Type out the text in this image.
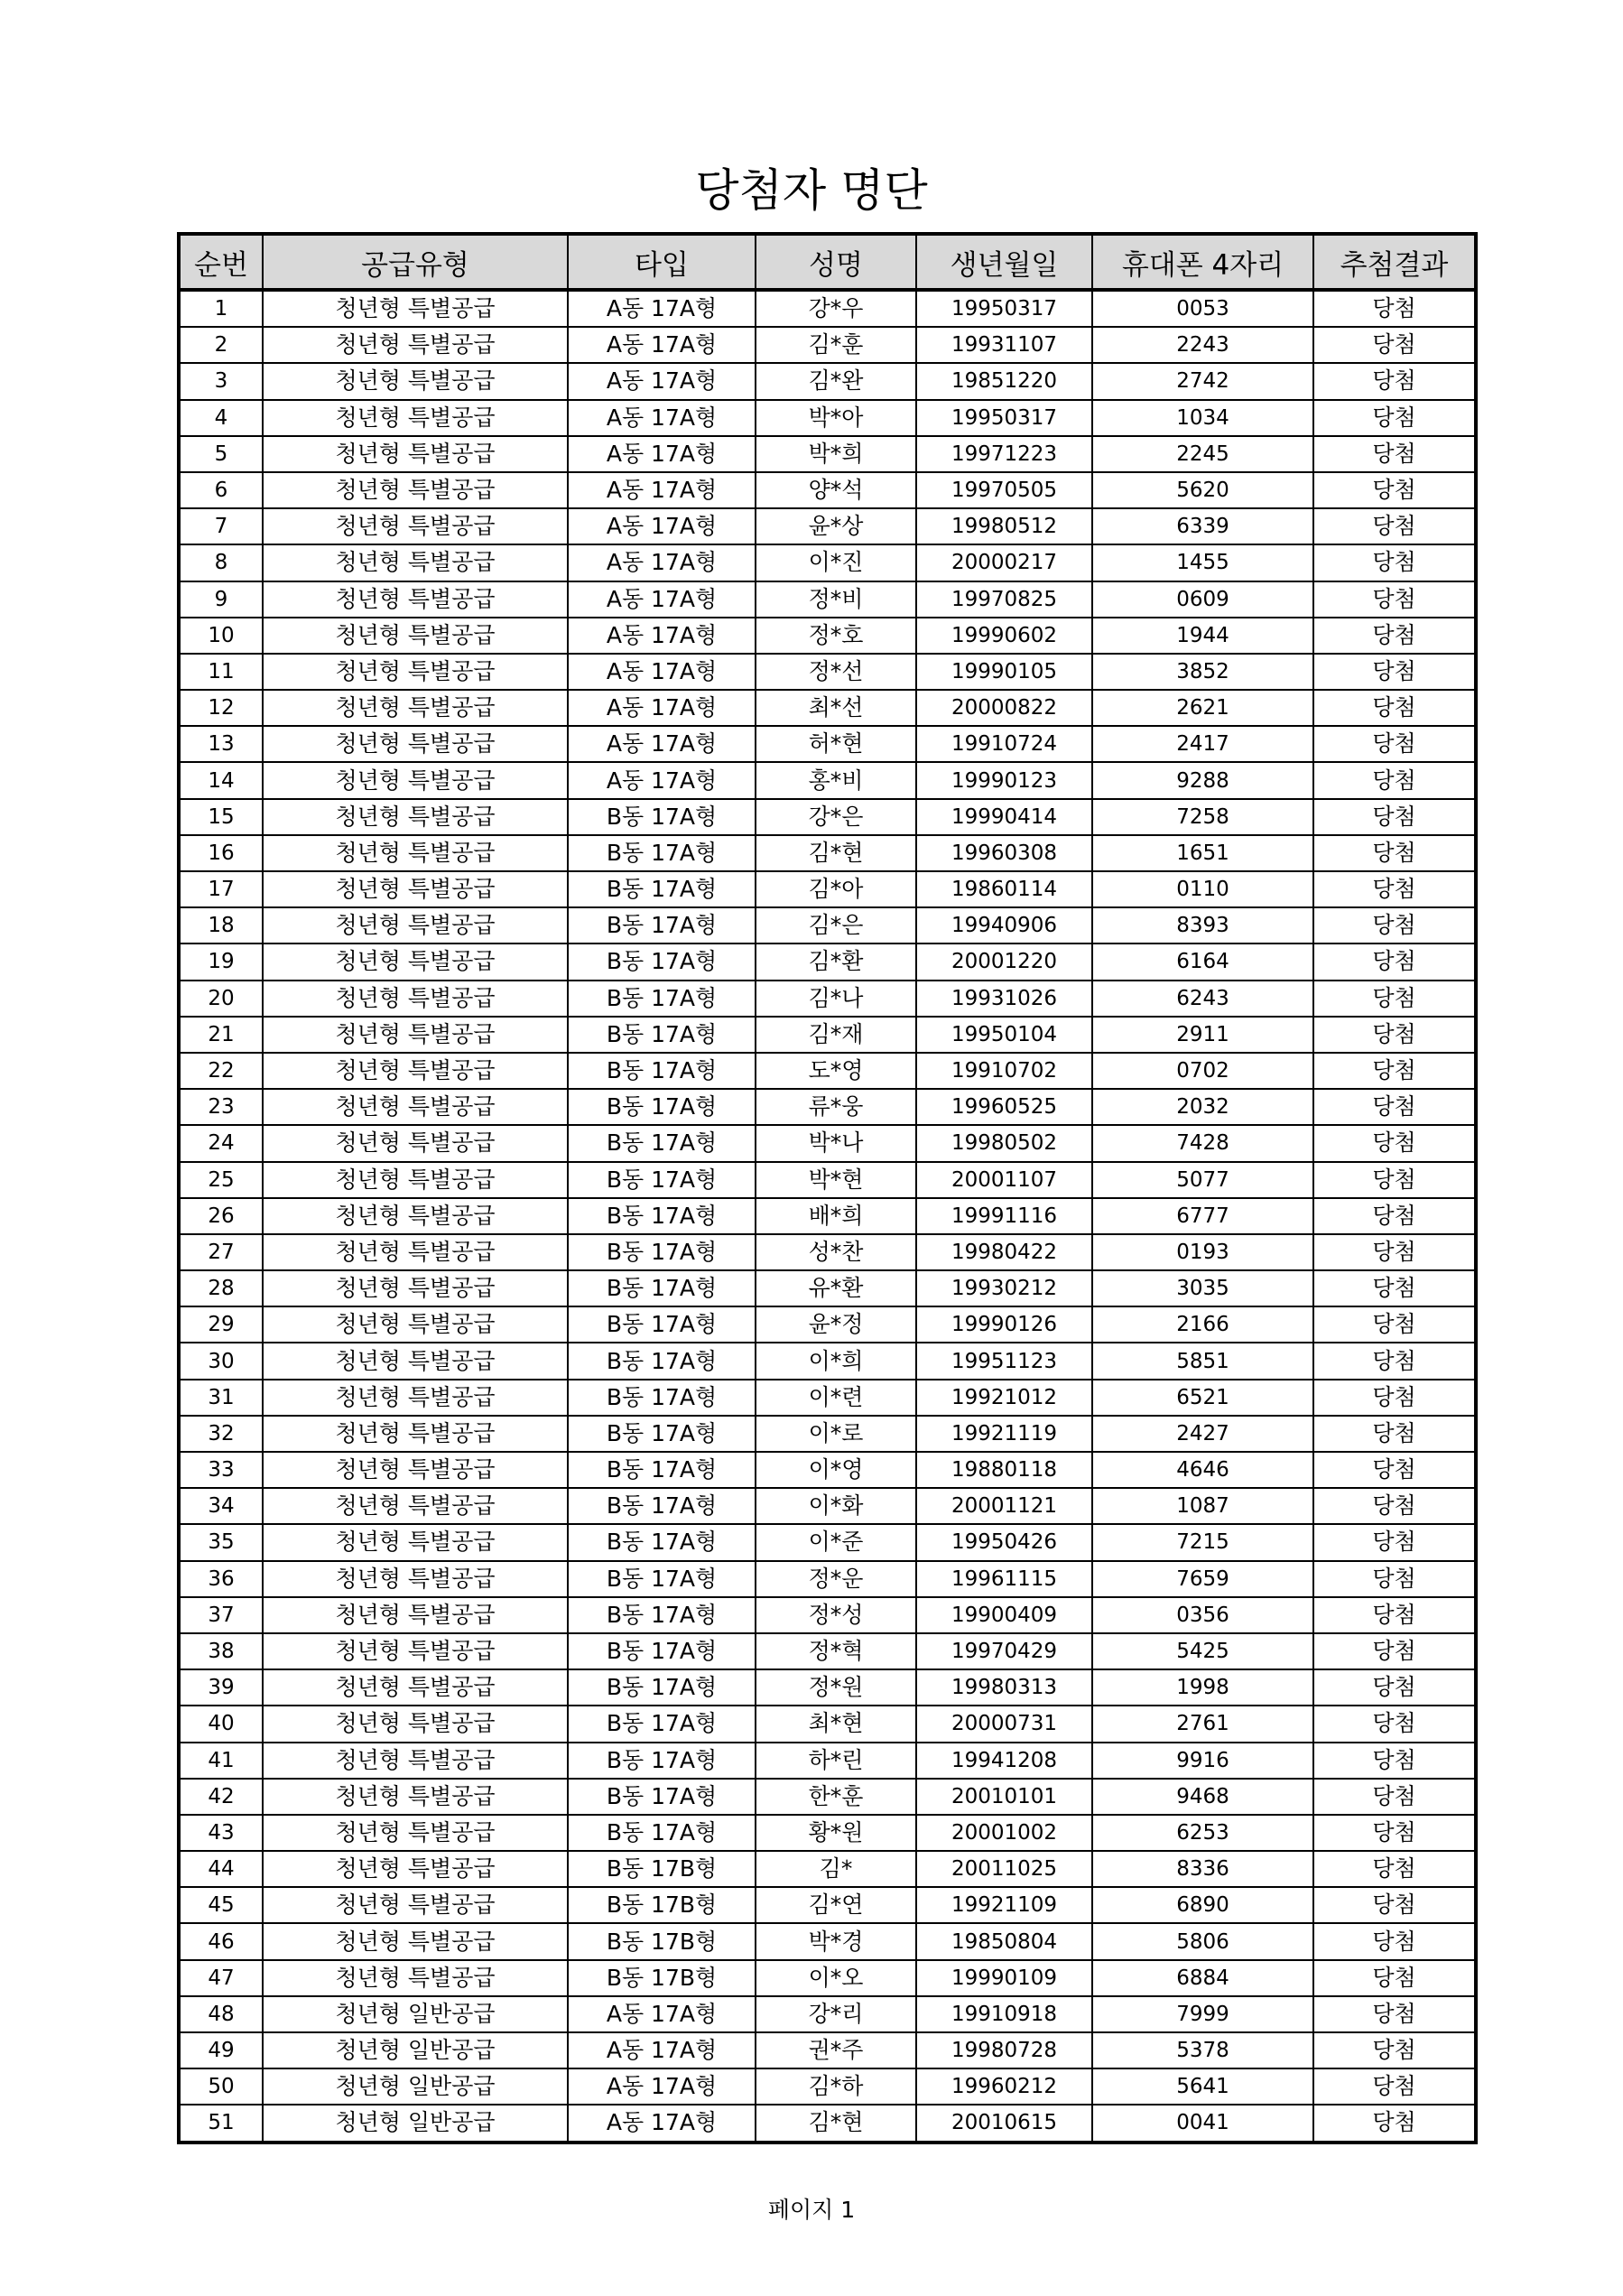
당첨자 명단
순번	공급유형	타입	성명	생년월일	휴대폰 4자리	추첨결과
1	청년형 특별공급	A동 17A형	강*우	19950317	0053	당첨
2	청년형 특별공급	A동 17A형	김*훈	19931107	2243	당첨
3	청년형 특별공급	A동 17A형	김*완	19851220	2742	당첨
4	청년형 특별공급	A동 17A형	박*아	19950317	1034	당첨
5	청년형 특별공급	A동 17A형	박*희	19971223	2245	당첨
6	청년형 특별공급	A동 17A형	양*석	19970505	5620	당첨
7	청년형 특별공급	A동 17A형	윤*상	19980512	6339	당첨
8	청년형 특별공급	A동 17A형	이*진	20000217	1455	당첨
9	청년형 특별공급	A동 17A형	정*비	19970825	0609	당첨
10	청년형 특별공급	A동 17A형	정*호	19990602	1944	당첨
11	청년형 특별공급	A동 17A형	정*선	19990105	3852	당첨
12	청년형 특별공급	A동 17A형	최*선	20000822	2621	당첨
13	청년형 특별공급	A동 17A형	허*현	19910724	2417	당첨
14	청년형 특별공급	A동 17A형	홍*비	19990123	9288	당첨
15	청년형 특별공급	B동 17A형	강*은	19990414	7258	당첨
16	청년형 특별공급	B동 17A형	김*현	19960308	1651	당첨
17	청년형 특별공급	B동 17A형	김*아	19860114	0110	당첨
18	청년형 특별공급	B동 17A형	김*은	19940906	8393	당첨
19	청년형 특별공급	B동 17A형	김*환	20001220	6164	당첨
20	청년형 특별공급	B동 17A형	김*나	19931026	6243	당첨
21	청년형 특별공급	B동 17A형	김*재	19950104	2911	당첨
22	청년형 특별공급	B동 17A형	도*영	19910702	0702	당첨
23	청년형 특별공급	B동 17A형	류*웅	19960525	2032	당첨
24	청년형 특별공급	B동 17A형	박*나	19980502	7428	당첨
25	청년형 특별공급	B동 17A형	박*현	20001107	5077	당첨
26	청년형 특별공급	B동 17A형	배*희	19991116	6777	당첨
27	청년형 특별공급	B동 17A형	성*찬	19980422	0193	당첨
28	청년형 특별공급	B동 17A형	유*환	19930212	3035	당첨
29	청년형 특별공급	B동 17A형	윤*정	19990126	2166	당첨
30	청년형 특별공급	B동 17A형	이*희	19951123	5851	당첨
31	청년형 특별공급	B동 17A형	이*련	19921012	6521	당첨
32	청년형 특별공급	B동 17A형	이*로	19921119	2427	당첨
33	청년형 특별공급	B동 17A형	이*영	19880118	4646	당첨
34	청년형 특별공급	B동 17A형	이*화	20001121	1087	당첨
35	청년형 특별공급	B동 17A형	이*준	19950426	7215	당첨
36	청년형 특별공급	B동 17A형	정*운	19961115	7659	당첨
37	청년형 특별공급	B동 17A형	정*성	19900409	0356	당첨
38	청년형 특별공급	B동 17A형	정*혁	19970429	5425	당첨
39	청년형 특별공급	B동 17A형	정*원	19980313	1998	당첨
40	청년형 특별공급	B동 17A형	최*현	20000731	2761	당첨
41	청년형 특별공급	B동 17A형	하*린	19941208	9916	당첨
42	청년형 특별공급	B동 17A형	한*훈	20010101	9468	당첨
43	청년형 특별공급	B동 17A형	황*원	20001002	6253	당첨
44	청년형 특별공급	B동 17B형	김*	20011025	8336	당첨
45	청년형 특별공급	B동 17B형	김*연	19921109	6890	당첨
46	청년형 특별공급	B동 17B형	박*경	19850804	5806	당첨
47	청년형 특별공급	B동 17B형	이*오	19990109	6884	당첨
48	청년형 일반공급	A동 17A형	강*리	19910918	7999	당첨
49	청년형 일반공급	A동 17A형	권*주	19980728	5378	당첨
50	청년형 일반공급	A동 17A형	김*하	19960212	5641	당첨
51	청년형 일반공급	A동 17A형	김*현	20010615	0041	당첨
페이지 1
